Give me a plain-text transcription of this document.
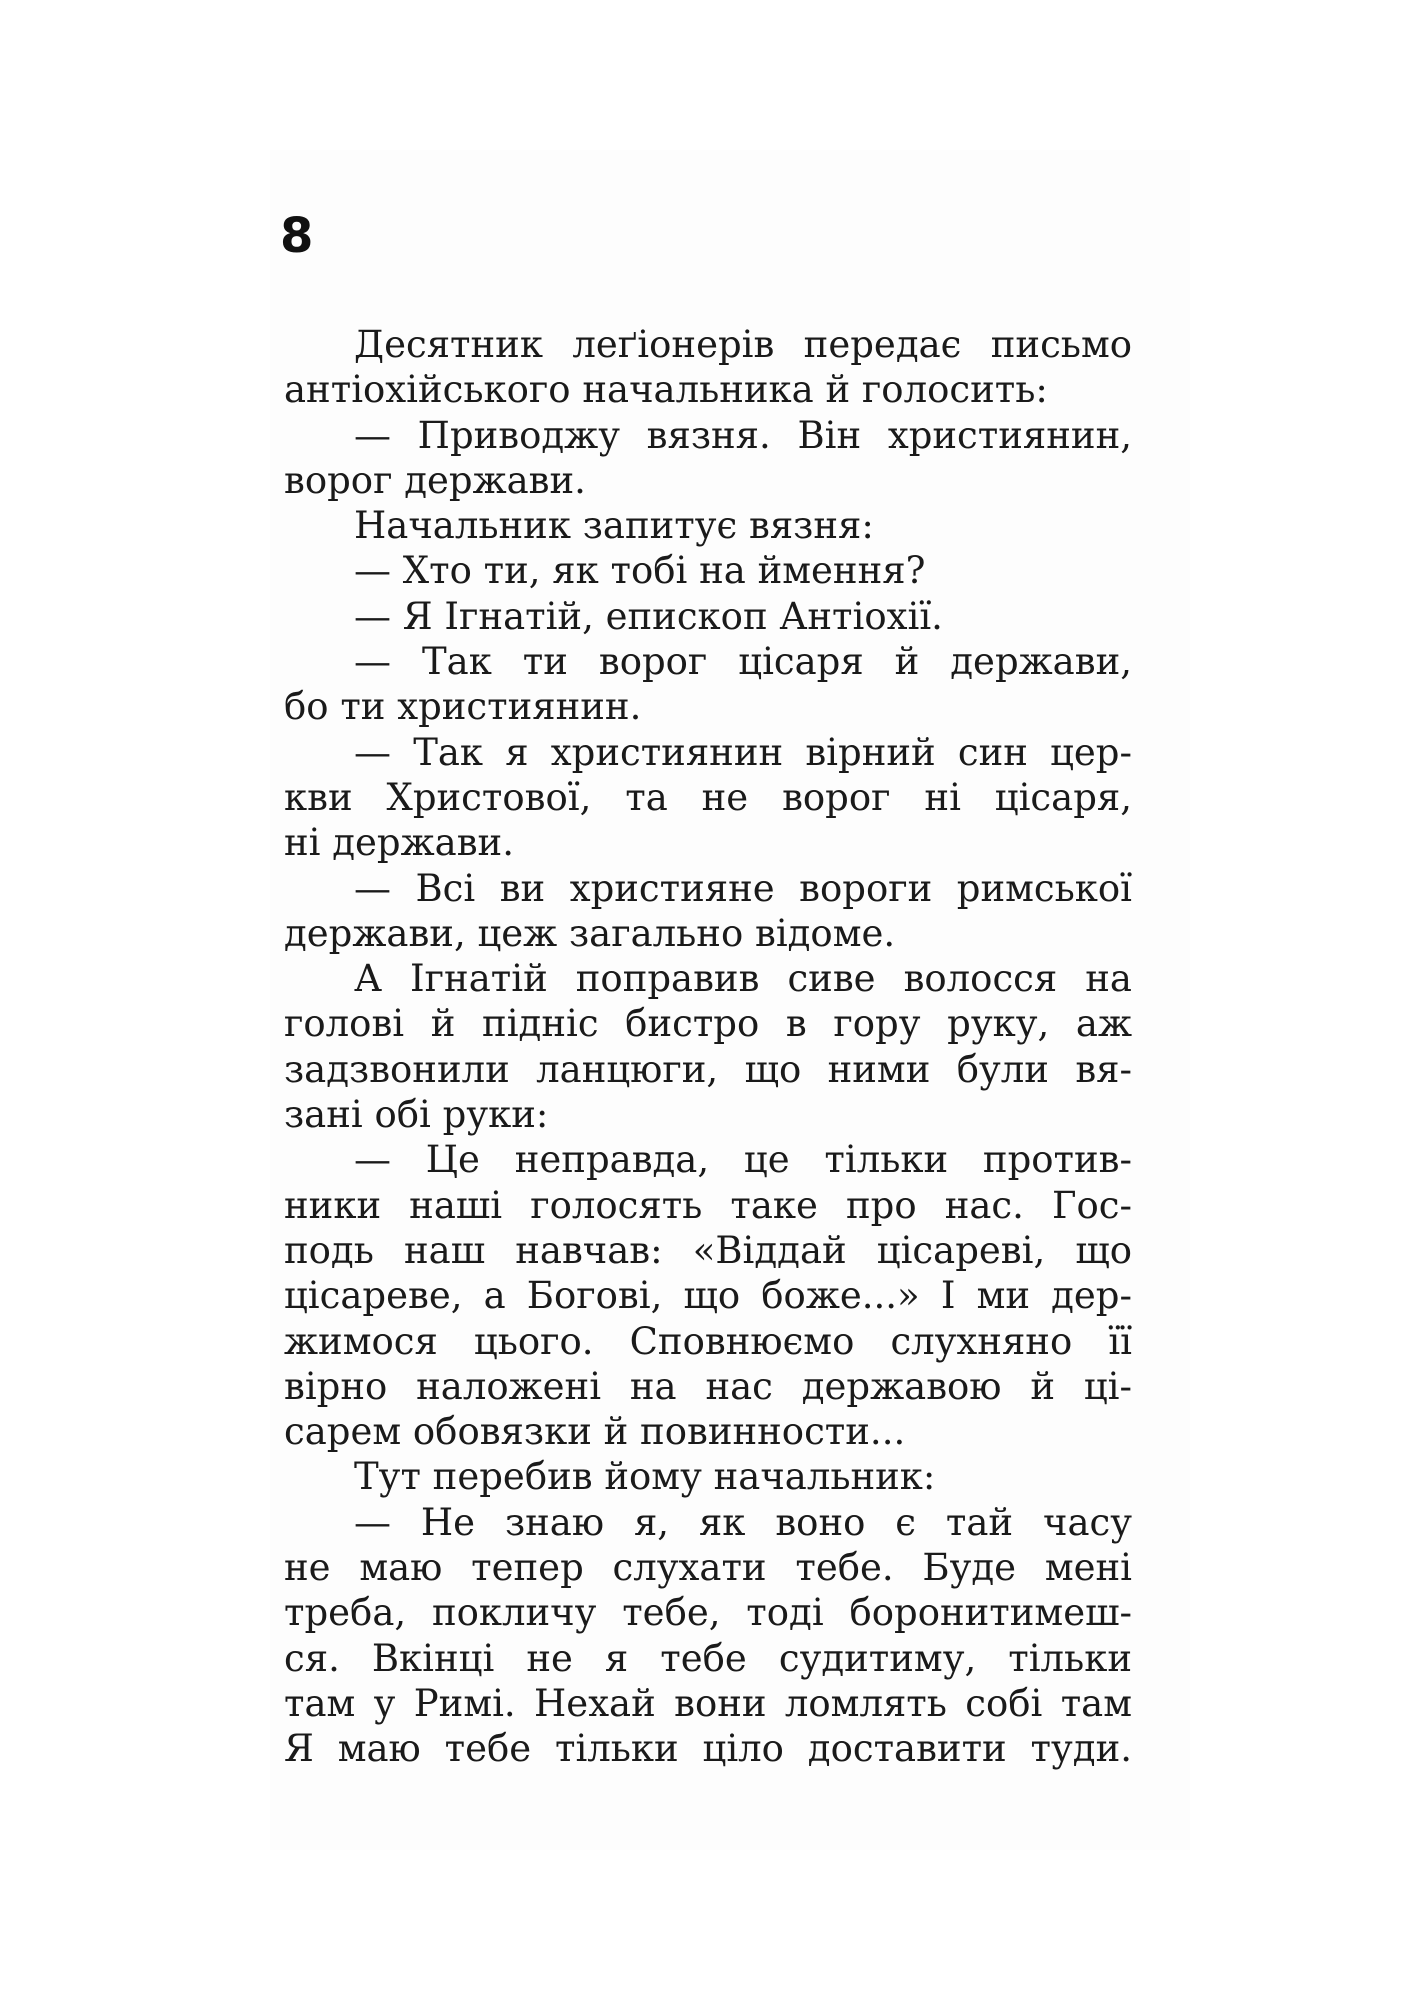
8
Десятник леґіонерів передає письмо
антіохійського начальника й голосить:
— Приводжу вязня. Він християнин,
ворог держави.
Начальник запитує вязня:
— Хто ти, як тобі на ймення?
— Я Ігнатій, епископ Антіохії.
— Так ти ворог цісаря й держави,
бо ти християнин.
— Так я християнин вірний син цер-
кви Христової, та не ворог ні цісаря,
ні держави.
— Всі ви християне вороги римської
держави, цеж загально відоме.
А Ігнатій поправив сиве волосся на
голові й підніс бистро в гору руку, аж
задзвонили ланцюги, що ними були вя-
зані обі руки:
— Це неправда, це тільки против-
ники наші голосять таке про нас. Гос-
подь наш навчав: «Віддай цісареві, що
цісареве, а Богові, що боже...» І ми дер-
жимося цього. Сповнюємо слухняно її
вірно наложені на нас державою й ці-
сарем обовязки й повинности...
Тут перебив йому начальник:
— Не знаю я, як воно є тай часу
не маю тепер слухати тебе. Буде мені
треба, покличу тебе, тоді боронитимеш-
ся. Вкінці не я тебе судитиму, тільки
там у Римі. Нехай вони ломлять собі там
Я маю тебе тільки цілo доставити туди.
